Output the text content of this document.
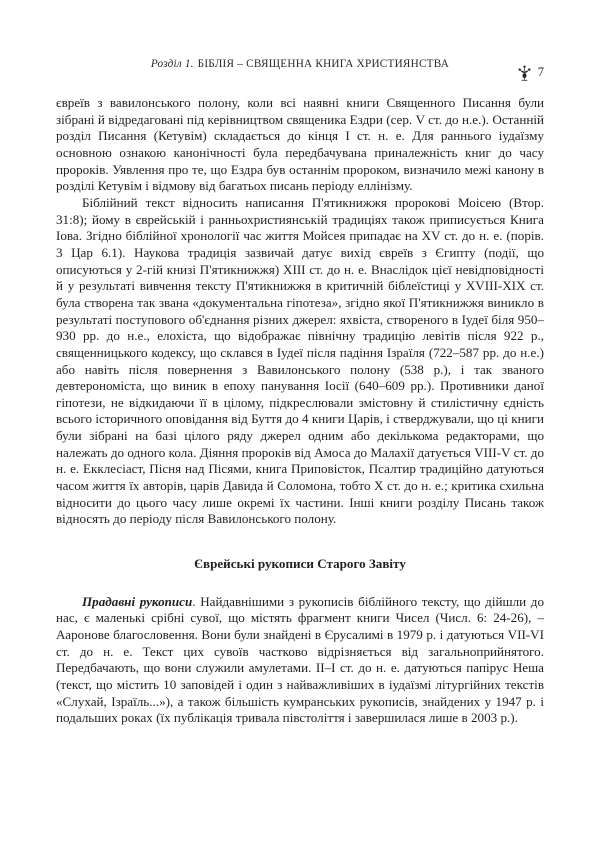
Розділ 1. БІБЛІЯ – СВЯЩЕННА КНИГА ХРИСТИЯНСТВА
7

євреїв з вавилонського полону, коли всі наявні книги Священного Писання були зібрані й відредаговані під керівництвом священика Ездри (сер. V ст. до н.е.). Останній розділ Писання (Кетувім) складається до кінця I ст. н. е. Для раннього іудаїзму основною ознакою канонічності була передбачувана приналежність книг до часу пророків. Уявлення про те, що Ездра був останнім пророком, визначило межі канону в розділі Кетувім і відмову від багатьох писань періоду еллінізму.

Біблійний текст відносить написання П'ятикнижжя пророкові Моісею (Втор. 31:8); йому в єврейській і ранньохристиянській традиціях також приписується Книга Іова. Згідно біблійної хронології час життя Мойсея припадає на XV ст. до н. е. (порів. 3 Цар 6.1). Наукова традиція зазвичай датує вихід євреїв з Єгипту (події, що описуються у 2-гій книзі П'ятикнижжя) XIII ст. до н. е. Внаслідок цієї невідповідності й у результаті вивчення тексту П'ятикнижжя в критичній біблеїстиці у XVIII-XIX ст. була створена так звана «документальна гіпотеза», згідно якої П'ятикнижжя виникло в результаті поступового об'єднання різних джерел: яхвіста, створеного в Іудеї біля 950–930 рр. до н.е., елохіста, що відображає північну традицію левітів після 922 р., священницького кодексу, що склався в Іудеї після падіння Ізраїля (722–587 рр. до н.е.) або навіть після повернення з Вавилонського полону (538 р.), і так званого девтерономіста, що виник в епоху панування Іосії (640–609 рр.). Противники даної гіпотези, не відкидаючи її в цілому, підкреслювали змістовну й стилістичну єдність всього історичного оповідання від Буття до 4 книги Царів, і стверджували, що ці книги були зібрані на базі цілого ряду джерел одним або декількома редакторами, що належать до одного кола. Діяння пророків від Амоса до Малахії датується VIII-V ст. до н. е. Екклесіаст, Пісня над Пісями, книга Приповісток, Псалтир традиційно датуються часом життя їх авторів, царів Давида й Соломона, тобто X ст. до н. е.; критика схильна відносити до цього часу лише окремі їх частини. Інші книги розділу Писань також відносять до періоду після Вавилонського полону.

Єврейські рукописи Старого Завіту

Прадавні рукописи. Найдавнішими з рукописів біблійного тексту, що дійшли до нас, є маленькі срібні сувої, що містять фрагмент книги Чисел (Числ. 6: 24-26), – Ааронове благословення. Вони були знайдені в Єрусалимі в 1979 р. і датуються VII-VI ст. до н. е. Текст цих сувоїв частково відрізняється від загальноприйнятого. Передбачають, що вони служили амулетами. II–I ст. до н. е. датуються папірус Неша (текст, що містить 10 заповідей і один з найважливіших в іудаїзмі літургійних текстів «Слухай, Ізраїль...»), а також більшість кумранських рукописів, знайдених у 1947 р. і подальших роках (їх публікація тривала півстоліття і завершилася лише в 2003 р.).
